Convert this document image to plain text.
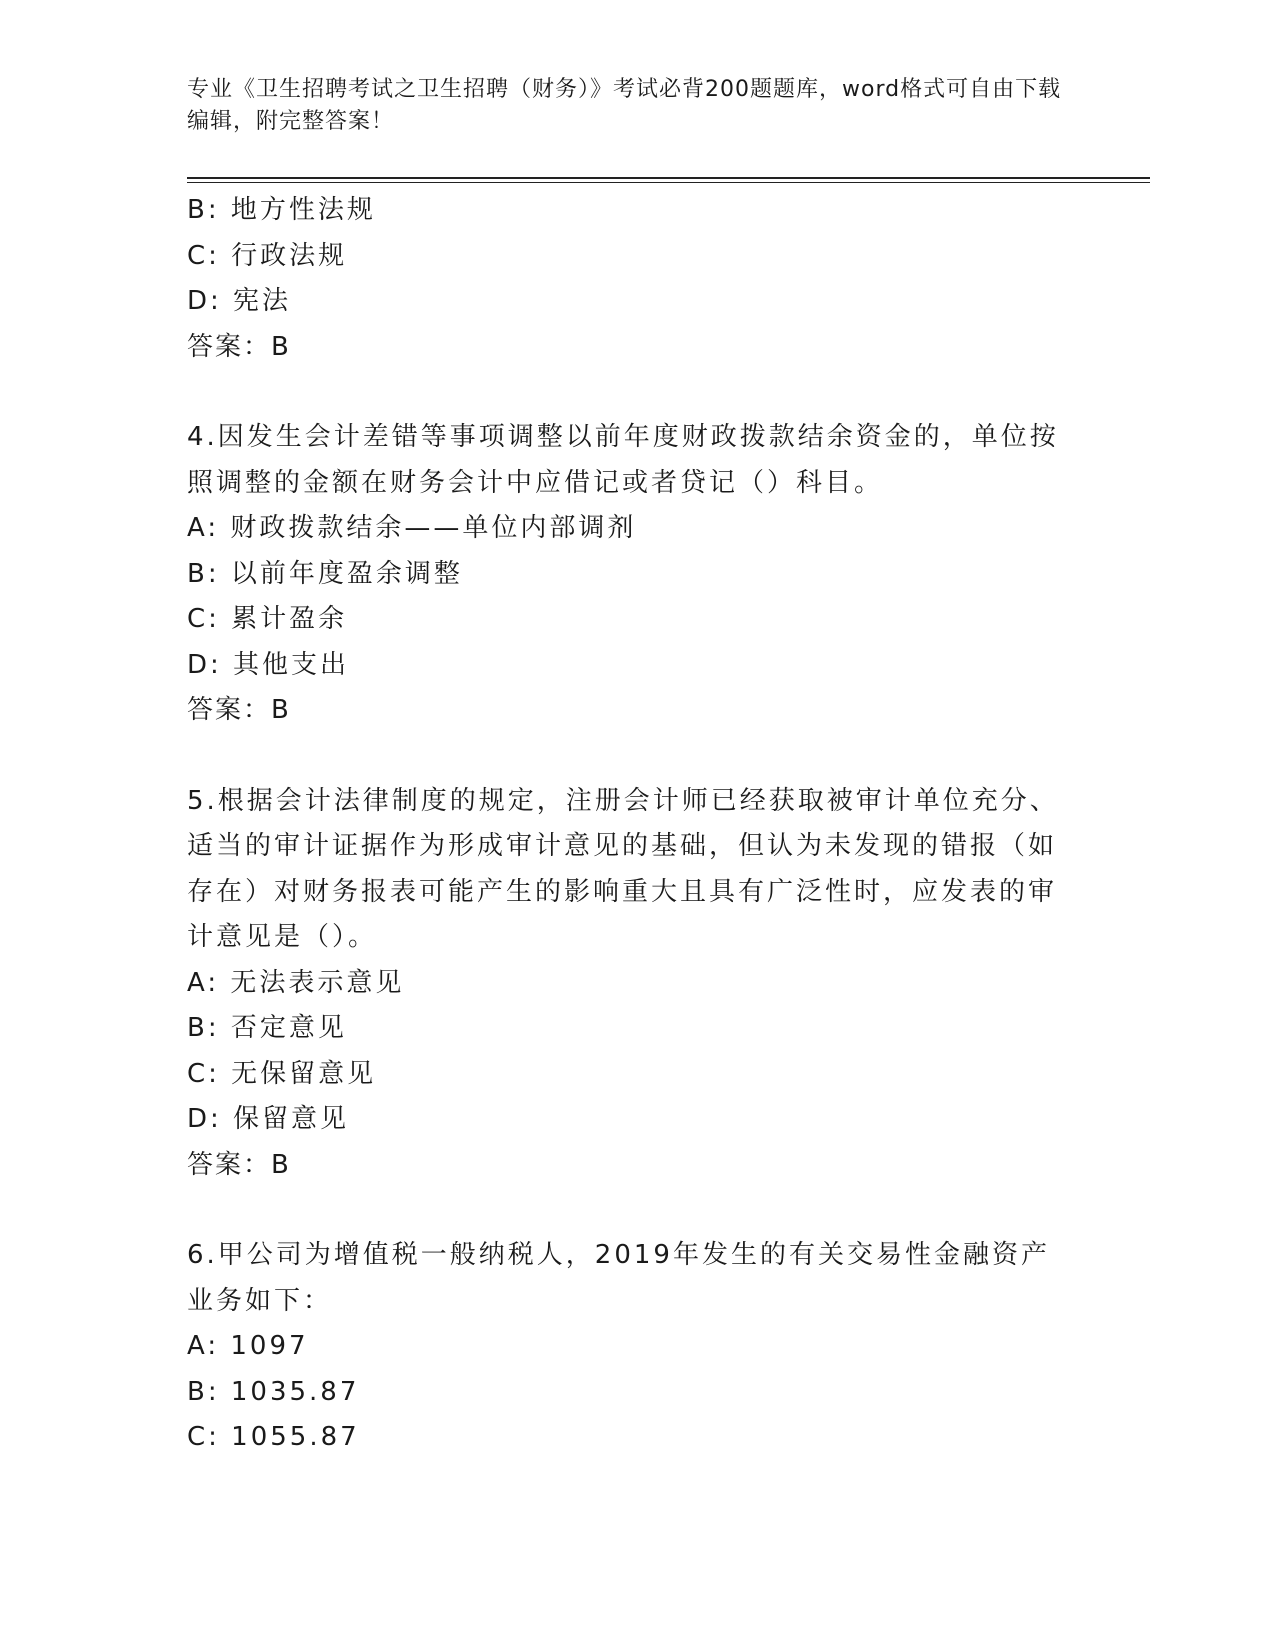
专业《卫生招聘考试之卫生招聘（财务）》考试必背200题题库，word格式可自由下载编辑，附完整答案！
B: 地方性法规
C: 行政法规
D: 宪法
答案：B
4.因发生会计差错等事项调整以前年度财政拨款结余资金的，单位按照调整的金额在财务会计中应借记或者贷记（）科目。
A: 财政拨款结余——单位内部调剂
B: 以前年度盈余调整
C: 累计盈余
D: 其他支出
答案：B
5.根据会计法律制度的规定，注册会计师已经获取被审计单位充分、适当的审计证据作为形成审计意见的基础，但认为未发现的错报（如存在）对财务报表可能产生的影响重大且具有广泛性时，应发表的审计意见是（）。
A: 无法表示意见
B: 否定意见
C: 无保留意见
D: 保留意见
答案：B
6.甲公司为增值税一般纳税人，2019年发生的有关交易性金融资产业务如下：
A: 1097
B: 1035.87
C: 1055.87
